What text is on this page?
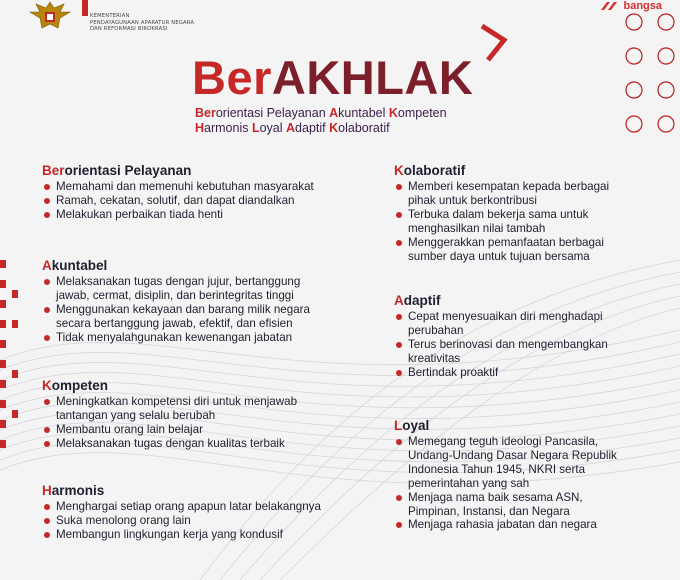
KEMENTERIAN
PENDAYAGUNAAN APARATUR NEGARA
DAN REFORMASI BIROKRASI
bangsa
BerAKHLAK
Berorientasi Pelayanan Akuntabel Kompeten
Harmonis Loyal Adaptif Kolaboratif
Berorientasi Pelayanan
Memahami dan memenuhi kebutuhan masyarakat
Ramah, cekatan, solutif, dan dapat diandalkan
Melakukan perbaikan tiada henti
Akuntabel
Melaksanakan tugas dengan jujur, bertanggung
jawab, cermat, disiplin, dan berintegritas tinggi
Menggunakan kekayaan dan barang milik negara
secara bertanggung jawab, efektif, dan efisien
Tidak menyalahgunakan kewenangan jabatan
Kompeten
Meningkatkan kompetensi diri untuk menjawab
tantangan yang selalu berubah
Membantu orang lain belajar
Melaksanakan tugas dengan kualitas terbaik
Harmonis
Menghargai setiap orang apapun latar belakangnya
Suka menolong orang lain
Membangun lingkungan kerja yang kondusif
Kolaboratif
Memberi kesempatan kepada berbagai
pihak untuk berkontribusi
Terbuka dalam bekerja sama untuk
menghasilkan nilai tambah
Menggerakkan pemanfaatan berbagai
sumber daya untuk tujuan bersama
Adaptif
Cepat menyesuaikan diri menghadapi
perubahan
Terus berinovasi dan mengembangkan
kreativitas
Bertindak proaktif
Loyal
Memegang teguh ideologi Pancasila,
Undang-Undang Dasar Negara Republik
Indonesia Tahun 1945, NKRI serta
pemerintahan yang sah
Menjaga nama baik sesama ASN,
Pimpinan, Instansi, dan Negara
Menjaga rahasia jabatan dan negara
